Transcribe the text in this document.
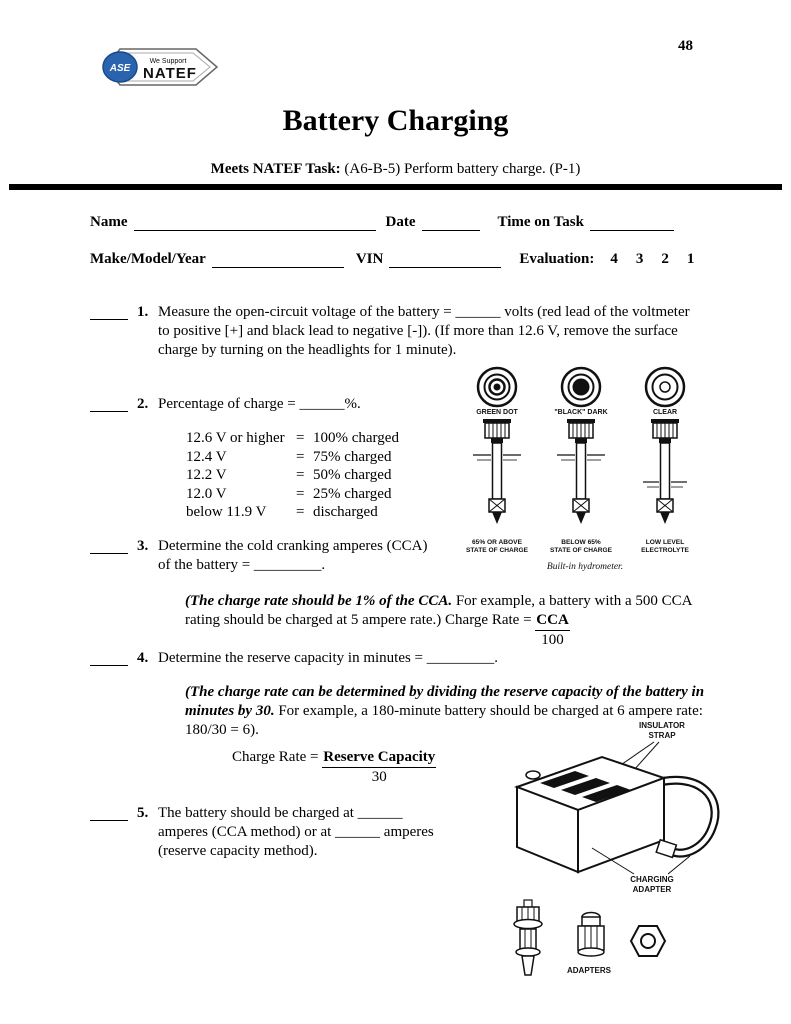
48
ASE
We Support
NATEF
Battery Charging
Meets NATEF Task: (A6-B-5) Perform battery charge. (P-1)
Name	Date	Time on Task
Make/Model/Year	VIN	Evaluation: 4 3 2 1
1. Measure the open-circuit voltage of the battery = ______ volts (red lead of the voltmeter to positive [+] and black lead to negative [-]). (If more than 12.6 V, remove the surface charge by turning on the headlights for 1 minute).
2. Percentage of charge = ______%.
12.6 V or higher = 100% charged
12.4 V	= 75% charged
12.2 V	= 50% charged
12.0 V	= 25% charged
below 11.9 V	= discharged
GREEN DOT	"BLACK" DARK	CLEAR
65% OR ABOVE
STATE OF CHARGE
BELOW 65%
STATE OF CHARGE
LOW LEVEL
ELECTROLYTE
Built-in hydrometer.
3. Determine the cold cranking amperes (CCA) of the battery = _________.
(The charge rate should be 1% of the CCA. For example, a battery with a 500 CCA rating should be charged at 5 ampere rate.) Charge Rate = $\frac{\text{CCA}}{100}$
4. Determine the reserve capacity in minutes = _________.
(The charge rate can be determined by dividing the reserve capacity of the battery in minutes by 30. For example, a 180-minute battery should be charged at 6 ampere rate: 180/30 = 6).
Charge Rate = $\frac{\text{Reserve Capacity}}{30}$
5. The battery should be charged at ______ amperes (CCA method) or at ______ amperes (reserve capacity method).
INSULATOR
STRAP
CHARGING
ADAPTER
ADAPTERS
